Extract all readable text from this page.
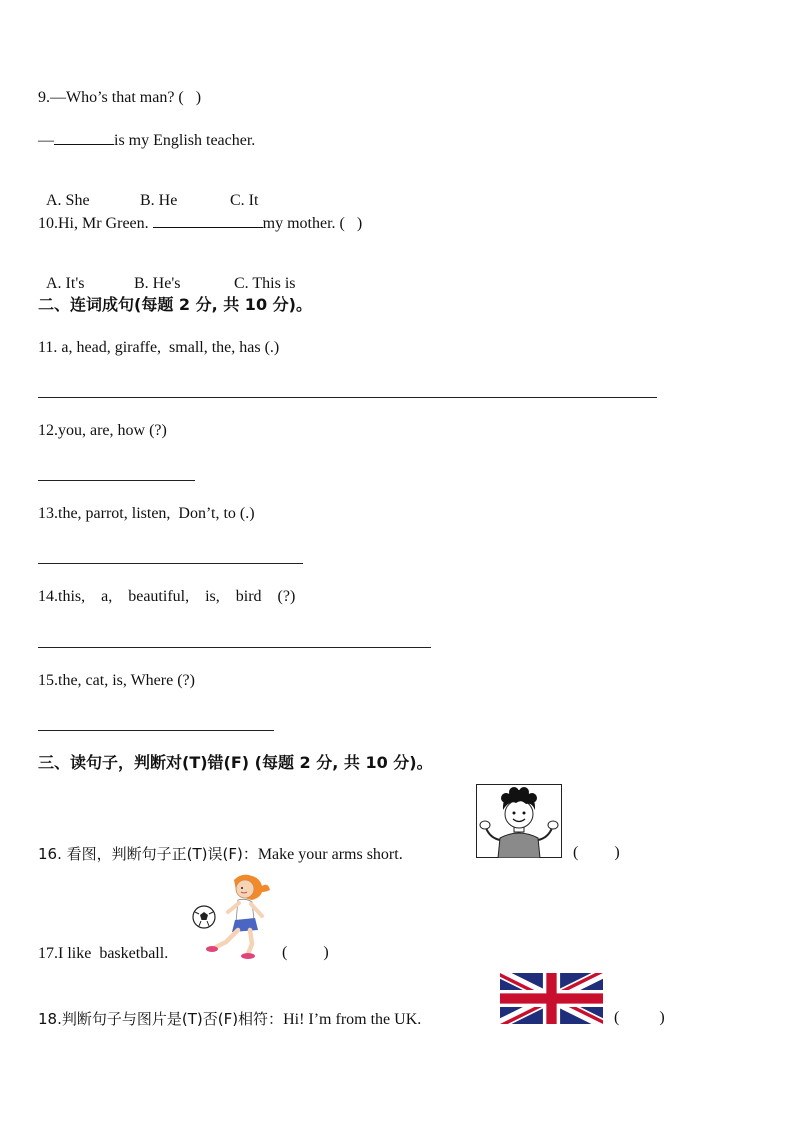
9.—Who’s that man? (   )
—	is my English teacher.

A. She	B. He	C. It

10.Hi, Mr Green.	my mother. (   )

A. It's	B. He's	C. This is

二、连词成句(每题 2 分, 共 10 分)。
11. a, head, giraffe,  small, the, has (.)
12.you, are, how (?)
13.the, parrot, listen,  Don’t, to (.)
14.this,    a,    beautiful,    is,    bird    (?)
15.the, cat, is, Where (?)
三、读句子，判断对(T)错(F) (每题 2 分, 共 10 分)。
16. 看图，判断句子正(T)误(F)：Make your arms short.	(         )
17.I like  basketball.	(         )
18.判断句子与图片是(T)否(F)相符：Hi! I’m from the UK.	(          )
